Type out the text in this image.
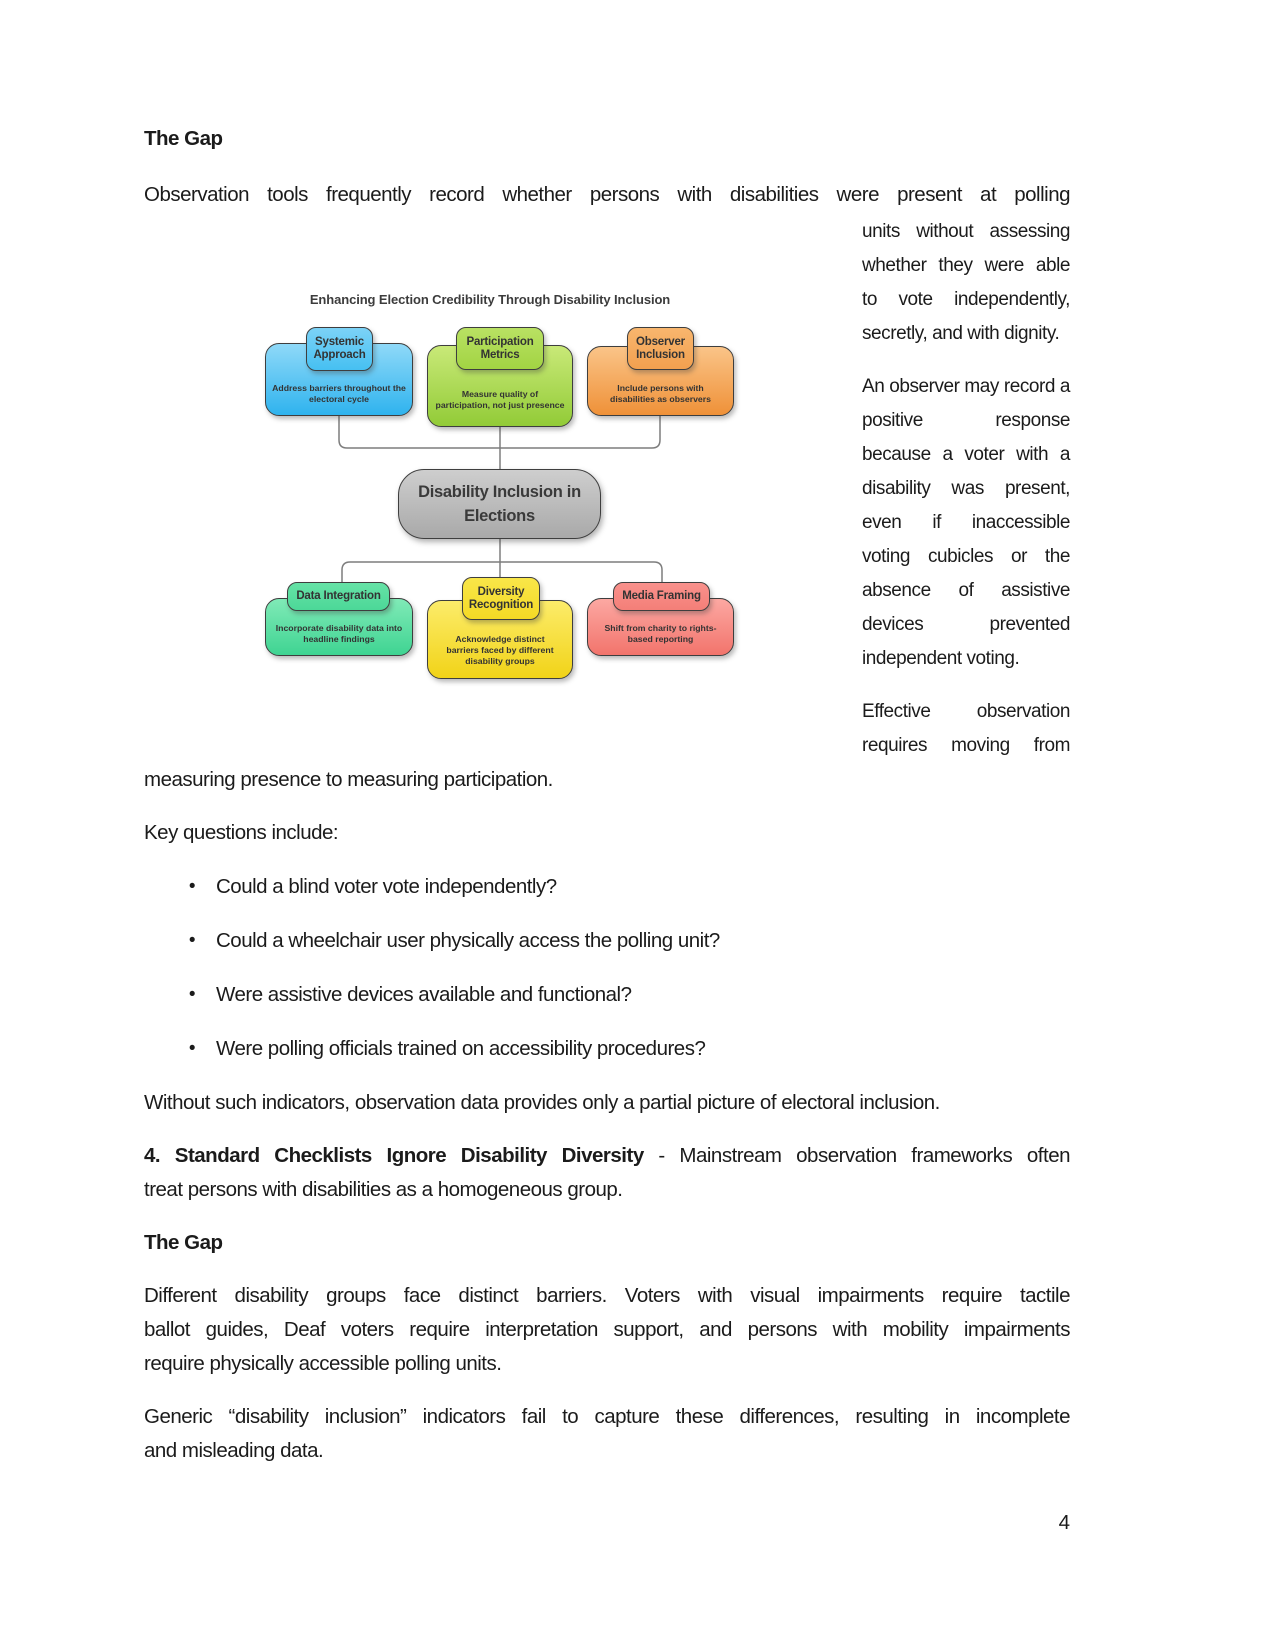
The Gap
Observation tools frequently record whether persons with disabilities were present at polling
units without assessing
whether they were able
to vote independently,
secretly, and with dignity.
An observer may record a
positive response
because a voter with a
disability was present,
even if inaccessible
voting cubicles or the
absence of assistive
devices prevented
independent voting.
Effective observation
requires moving from
measuring presence to measuring participation.
Key questions include:
•	Could a blind voter vote independently?
•	Could a wheelchair user physically access the polling unit?
•	Were assistive devices available and functional?
•	Were polling officials trained on accessibility procedures?
Without such indicators, observation data provides only a partial picture of electoral inclusion.
4. Standard Checklists Ignore Disability Diversity - Mainstream observation frameworks often
treat persons with disabilities as a homogeneous group.
The Gap
Different disability groups face distinct barriers. Voters with visual impairments require tactile
ballot guides, Deaf voters require interpretation support, and persons with mobility impairments
require physically accessible polling units.
Generic “disability inclusion” indicators fail to capture these differences, resulting in incomplete
and misleading data.
4
Enhancing Election Credibility Through Disability Inclusion
Address barriers throughout the electoral cycle
Systemic Approach
Measure quality of participation, not just presence
Participation Metrics
Include persons with disabilities as observers
Observer Inclusion
Disability Inclusion in Elections
Incorporate disability data into headline findings
Data Integration
Acknowledge distinct barriers faced by different disability groups
Diversity Recognition
Shift from charity to rights-based reporting
Media Framing
